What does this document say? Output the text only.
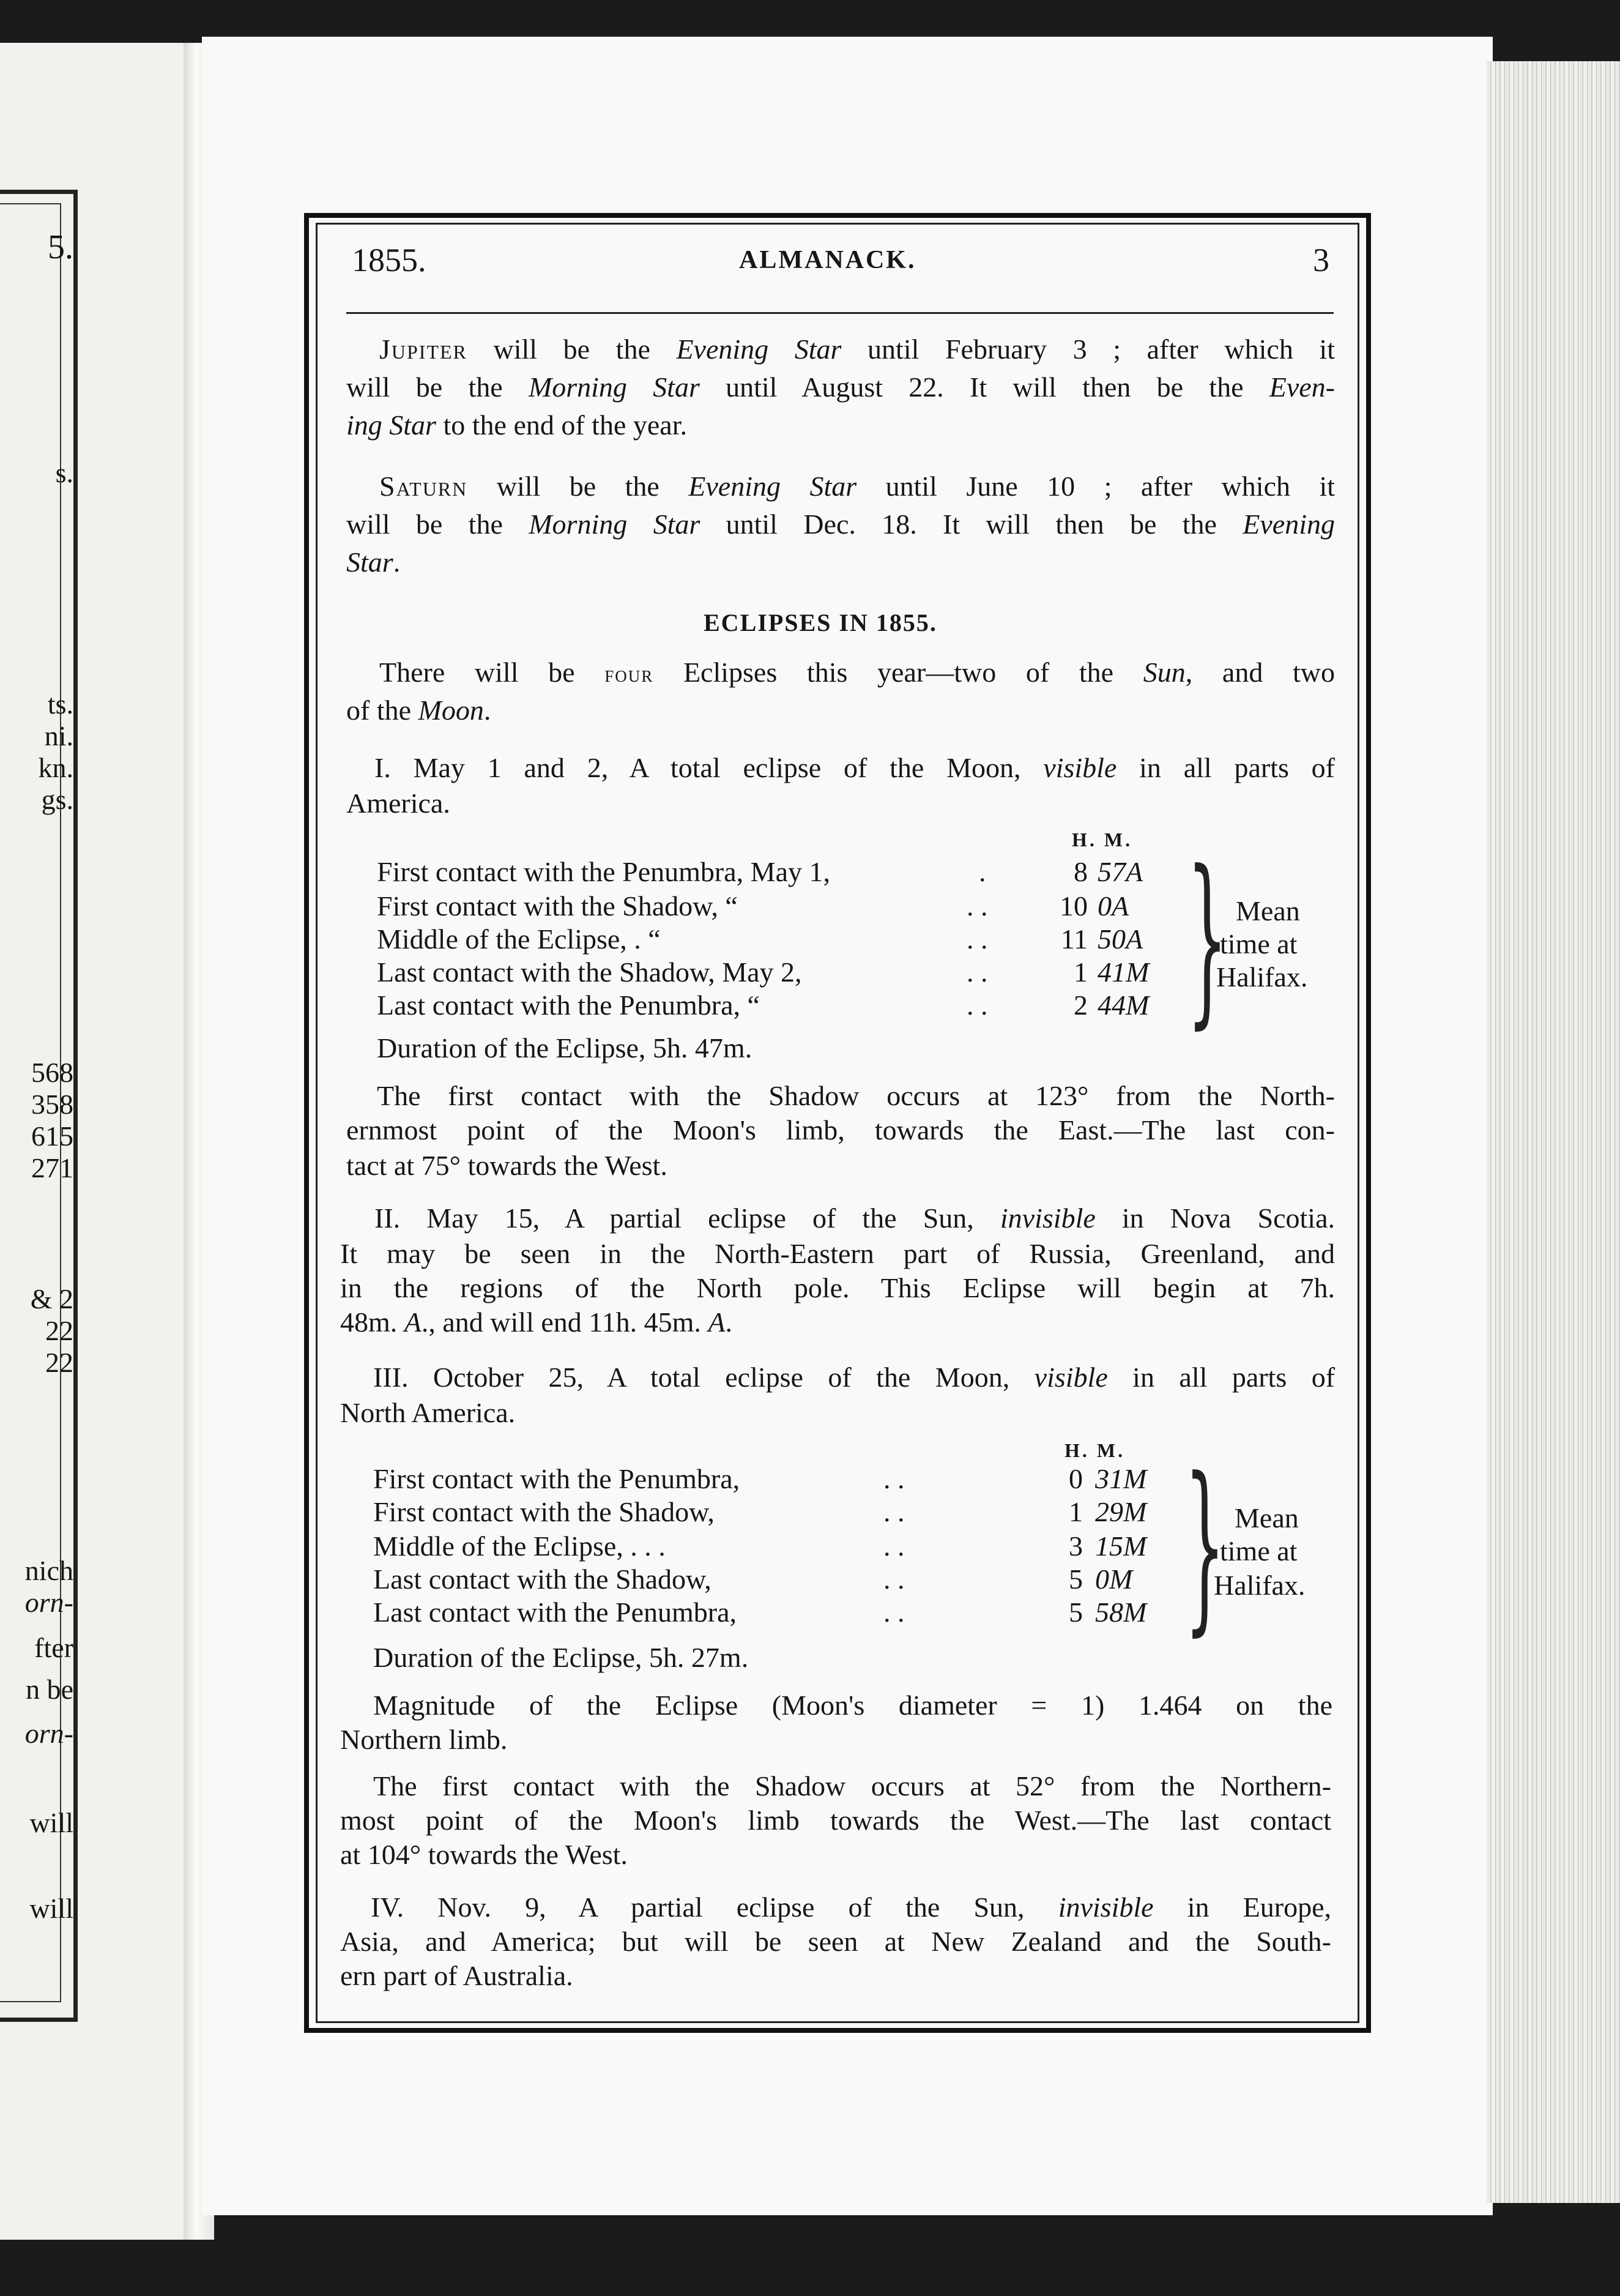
5.
s.
ts.
ni.
kn.
gs.
568
358
615
271
& 2
22
22
nich
orn-
fter
n be
orn-
will
will
1855.	ALMANACK.	3
Jupiter will be the Evening Star until February 3 ; after which it
will be the Morning Star until August 22. It will then be the Even-
ing Star to the end of the year.
Saturn will be the Evening Star until June 10 ; after which it
will be the Morning Star until Dec. 18. It will then be the Evening
Star.
ECLIPSES IN 1855.
There will be four Eclipses this year—two of the Sun, and two
of the Moon.
I. May 1 and 2, A total eclipse of the Moon, visible in all parts of
America.
H. M.
First contact with the Penumbra, May 1,	.	8 57A
First contact with the Shadow, “	. .	10 0A
Middle of the Eclipse, . “	. .	11 50A
Last contact with the Shadow, May 2,	. .	1 41M
Last contact with the Penumbra, “	. .	2 44M } Mean
time at
Halifax.
Duration of the Eclipse, 5h. 47m.
The first contact with the Shadow occurs at 123° from the North-
ernmost point of the Moon's limb, towards the East.—The last con-
tact at 75° towards the West.
II. May 15, A partial eclipse of the Sun, invisible in Nova Scotia.
It may be seen in the North-Eastern part of Russia, Greenland, and
in the regions of the North pole. This Eclipse will begin at 7h.
48m. A., and will end 11h. 45m. A.
III. October 25, A total eclipse of the Moon, visible in all parts of
North America.
H. M.
First contact with the Penumbra,	. .	0 31M
First contact with the Shadow,	. .	1 29M
Middle of the Eclipse, . . .	. .	3 15M
Last contact with the Shadow,	. .	5 0M
Last contact with the Penumbra,	. .	5 58M } Mean
time at
Halifax.
Duration of the Eclipse, 5h. 27m.
Magnitude of the Eclipse (Moon's diameter = 1) 1.464 on the
Northern limb.
The first contact with the Shadow occurs at 52° from the Northern-
most point of the Moon's limb towards the West.—The last contact
at 104° towards the West.
IV. Nov. 9, A partial eclipse of the Sun, invisible in Europe,
Asia, and America; but will be seen at New Zealand and the South-
ern part of Australia.
